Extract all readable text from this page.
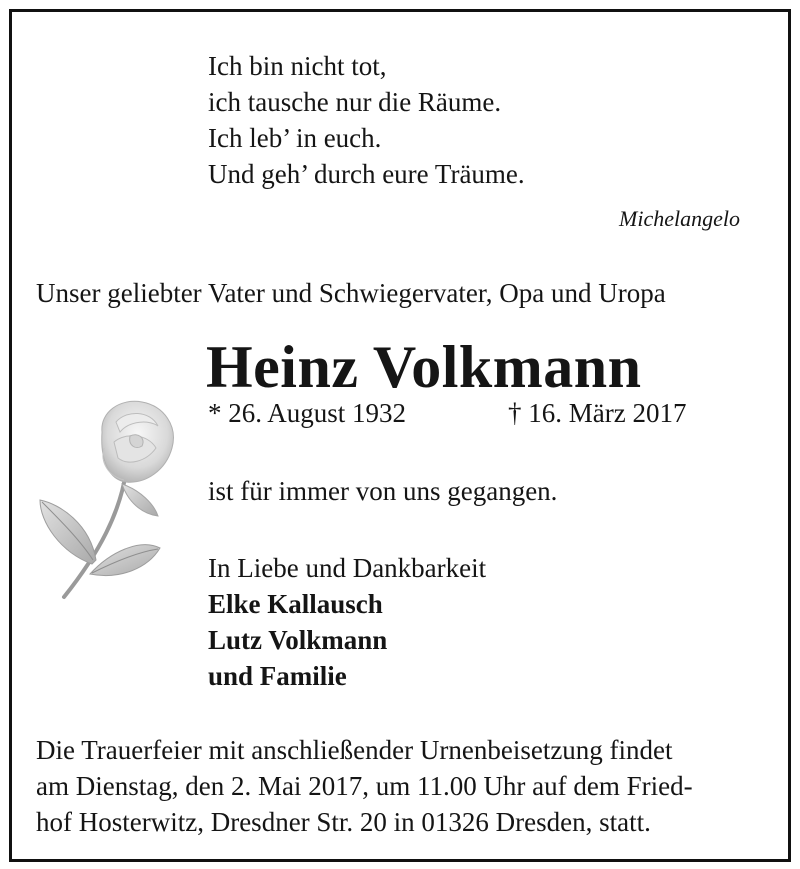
Ich bin nicht tot,
ich tausche nur die Räume.
Ich leb’ in euch.
Und geh’ durch eure Träume.
Michelangelo
Unser geliebter Vater und Schwiegervater, Opa und Uropa
Heinz Volkmann
* 26. August 1932	† 16. März 2017
ist für immer von uns gegangen.
In Liebe und Dankbarkeit
Elke Kallausch
Lutz Volkmann
und Familie
Die Trauerfeier mit anschließender Urnenbeisetzung findet
am Dienstag, den 2. Mai 2017, um 11.00 Uhr auf dem Fried-
hof Hosterwitz, Dresdner Str. 20 in 01326 Dresden, statt.
